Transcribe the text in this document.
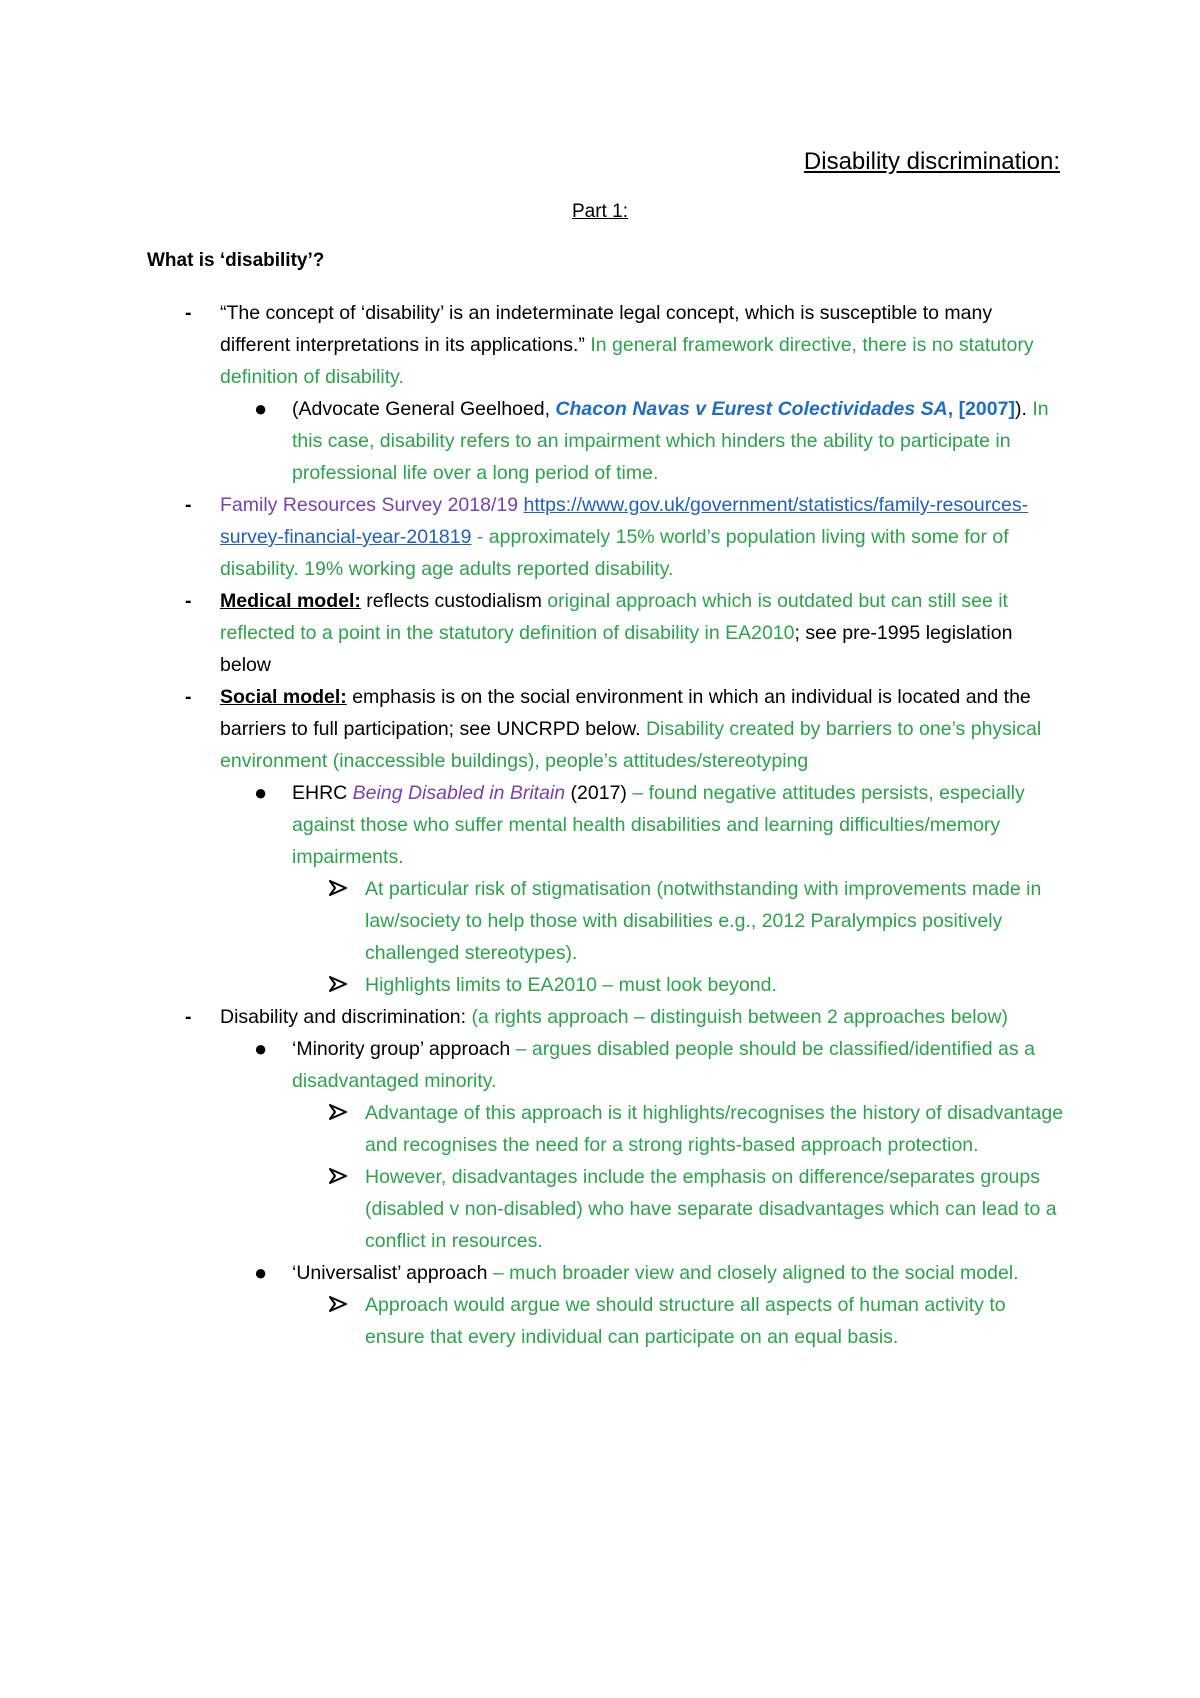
Disability discrimination:
Part 1:
What is ‘disability’?
- “The concept of ‘disability’ is an indeterminate legal concept, which is susceptible to many different interpretations in its applications.” In general framework directive, there is no statutory definition of disability.
● (Advocate General Geelhoed, Chacon Navas v Eurest Colectividades SA, [2007]). In this case, disability refers to an impairment which hinders the ability to participate in professional life over a long period of time.
- Family Resources Survey 2018/19 https://www.gov.uk/government/statistics/family-resources-survey-financial-year-201819 - approximately 15% world’s population living with some for of disability. 19% working age adults reported disability.
- Medical model: reflects custodialism original approach which is outdated but can still see it reflected to a point in the statutory definition of disability in EA2010; see pre-1995 legislation below
- Social model: emphasis is on the social environment in which an individual is located and the barriers to full participation; see UNCRPD below. Disability created by barriers to one’s physical environment (inaccessible buildings), people’s attitudes/stereotyping
● EHRC Being Disabled in Britain (2017) – found negative attitudes persists, especially against those who suffer mental health disabilities and learning difficulties/memory impairments.
At particular risk of stigmatisation (notwithstanding with improvements made in law/society to help those with disabilities e.g., 2012 Paralympics positively challenged stereotypes).
Highlights limits to EA2010 – must look beyond.
- Disability and discrimination: (a rights approach – distinguish between 2 approaches below)
● ‘Minority group’ approach – argues disabled people should be classified/identified as a disadvantaged minority.
Advantage of this approach is it highlights/recognises the history of disadvantage and recognises the need for a strong rights-based approach protection.
However, disadvantages include the emphasis on difference/separates groups (disabled v non-disabled) who have separate disadvantages which can lead to a conflict in resources.
● ‘Universalist’ approach – much broader view and closely aligned to the social model.
Approach would argue we should structure all aspects of human activity to ensure that every individual can participate on an equal basis.
